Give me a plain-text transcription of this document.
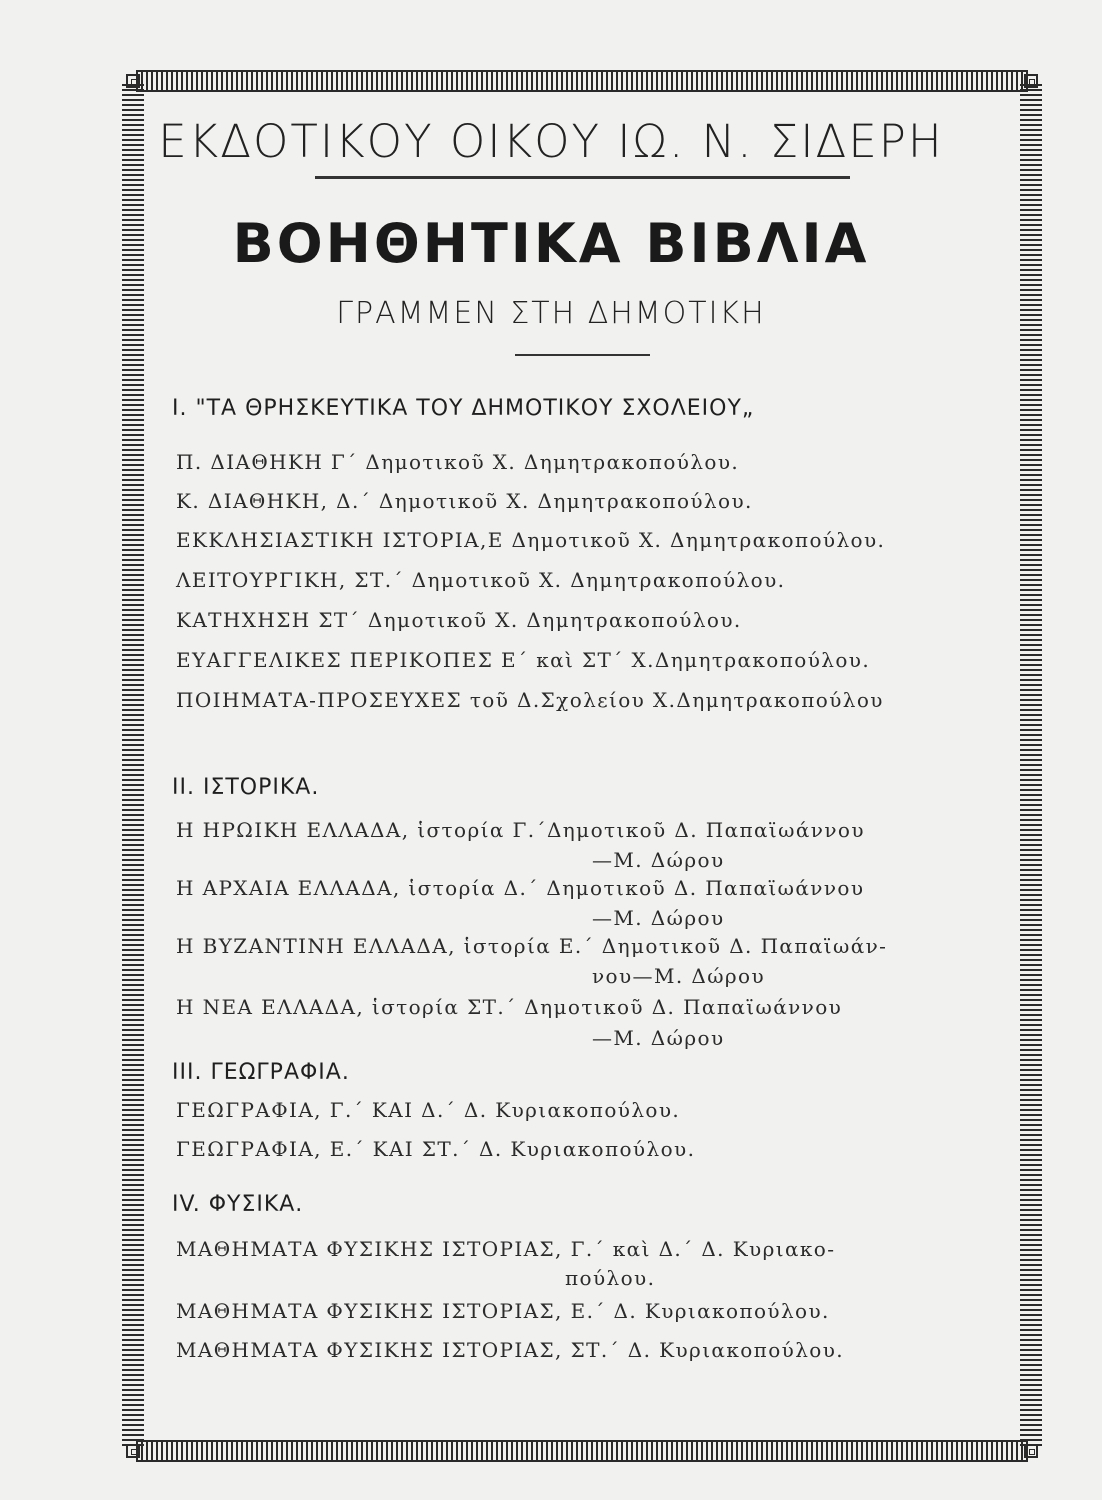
ΕΚΔΟΤΙΚΟΥ ΟΙΚΟΥ ΙΩ. Ν. ΣΙΔΕΡΗ
ΒΟΗΘΗΤΙΚΑ ΒΙΒΛΙΑ
ΓΡΑΜΜΕΝ ΣΤΗ ΔΗΜΟΤΙΚΗ
Ι. "ΤΑ ΘΡΗΣΚΕΥΤΙΚΑ ΤΟΥ ΔΗΜΟΤΙΚΟΥ ΣΧΟΛΕΙΟΥ„
Π. ΔΙΑΘΗΚΗ Γ΄ Δημοτικοῦ Χ. Δημητρακοπούλου.
Κ. ΔΙΑΘΗΚΗ, Δ.΄ Δημοτικοῦ Χ. Δημητρακοπούλου.
ΕΚΚΛΗΣΙΑΣΤΙΚΗ ΙΣΤΟΡΙΑ,Ε Δημοτικοῦ Χ. Δημητρακοπούλου.
ΛΕΙΤΟΥΡΓΙΚΗ, ΣΤ.΄ Δημοτικοῦ Χ. Δημητρακοπούλου.
ΚΑΤΗΧΗΣΗ ΣΤ΄ Δημοτικοῦ Χ. Δημητρακοπούλου.
ΕΥΑΓΓΕΛΙΚΕΣ ΠΕΡΙΚΟΠΕΣ Ε΄ καὶ ΣΤ΄ Χ.Δημητρακοπούλου.
ΠΟΙΗΜΑΤΑ-ΠΡΟΣΕΥΧΕΣ τοῦ Δ.Σχολείου Χ.Δημητρακοπούλου
ΙΙ. ΙΣΤΟΡΙΚΑ.
Η ΗΡΩΙΚΗ ΕΛΛΑΔΑ, ἱστορία Γ.΄Δημοτικοῦ Δ. Παπαϊωάννου
—Μ. Δώρου
Η ΑΡΧΑΙΑ ΕΛΛΑΔΑ, ἱστορία Δ.΄ Δημοτικοῦ Δ. Παπαϊωάννου
—Μ. Δώρου
Η ΒΥΖΑΝΤΙΝΗ ΕΛΛΑΔΑ, ἱστορία Ε.΄ Δημοτικοῦ Δ. Παπαϊωάν-
νου—Μ. Δώρου
Η ΝΕΑ ΕΛΛΑΔΑ, ἱστορία ΣΤ.΄ Δημοτικοῦ Δ. Παπαϊωάννου
—Μ. Δώρου
ΙΙΙ. ΓΕΩΓΡΑΦΙΑ.
ΓΕΩΓΡΑΦΙΑ, Γ.΄ ΚΑΙ Δ.΄ Δ. Κυριακοπούλου.
ΓΕΩΓΡΑΦΙΑ, Ε.΄ ΚΑΙ ΣΤ.΄ Δ. Κυριακοπούλου.
ΙV. ΦΥΣΙΚΑ.
ΜΑΘΗΜΑΤΑ ΦΥΣΙΚΗΣ ΙΣΤΟΡΙΑΣ, Γ.΄ καὶ Δ.΄ Δ. Κυριακο-
πούλου.
ΜΑΘΗΜΑΤΑ ΦΥΣΙΚΗΣ ΙΣΤΟΡΙΑΣ, Ε.΄ Δ. Κυριακοπούλου.
ΜΑΘΗΜΑΤΑ ΦΥΣΙΚΗΣ ΙΣΤΟΡΙΑΣ, ΣΤ.΄ Δ. Κυριακοπούλου.
